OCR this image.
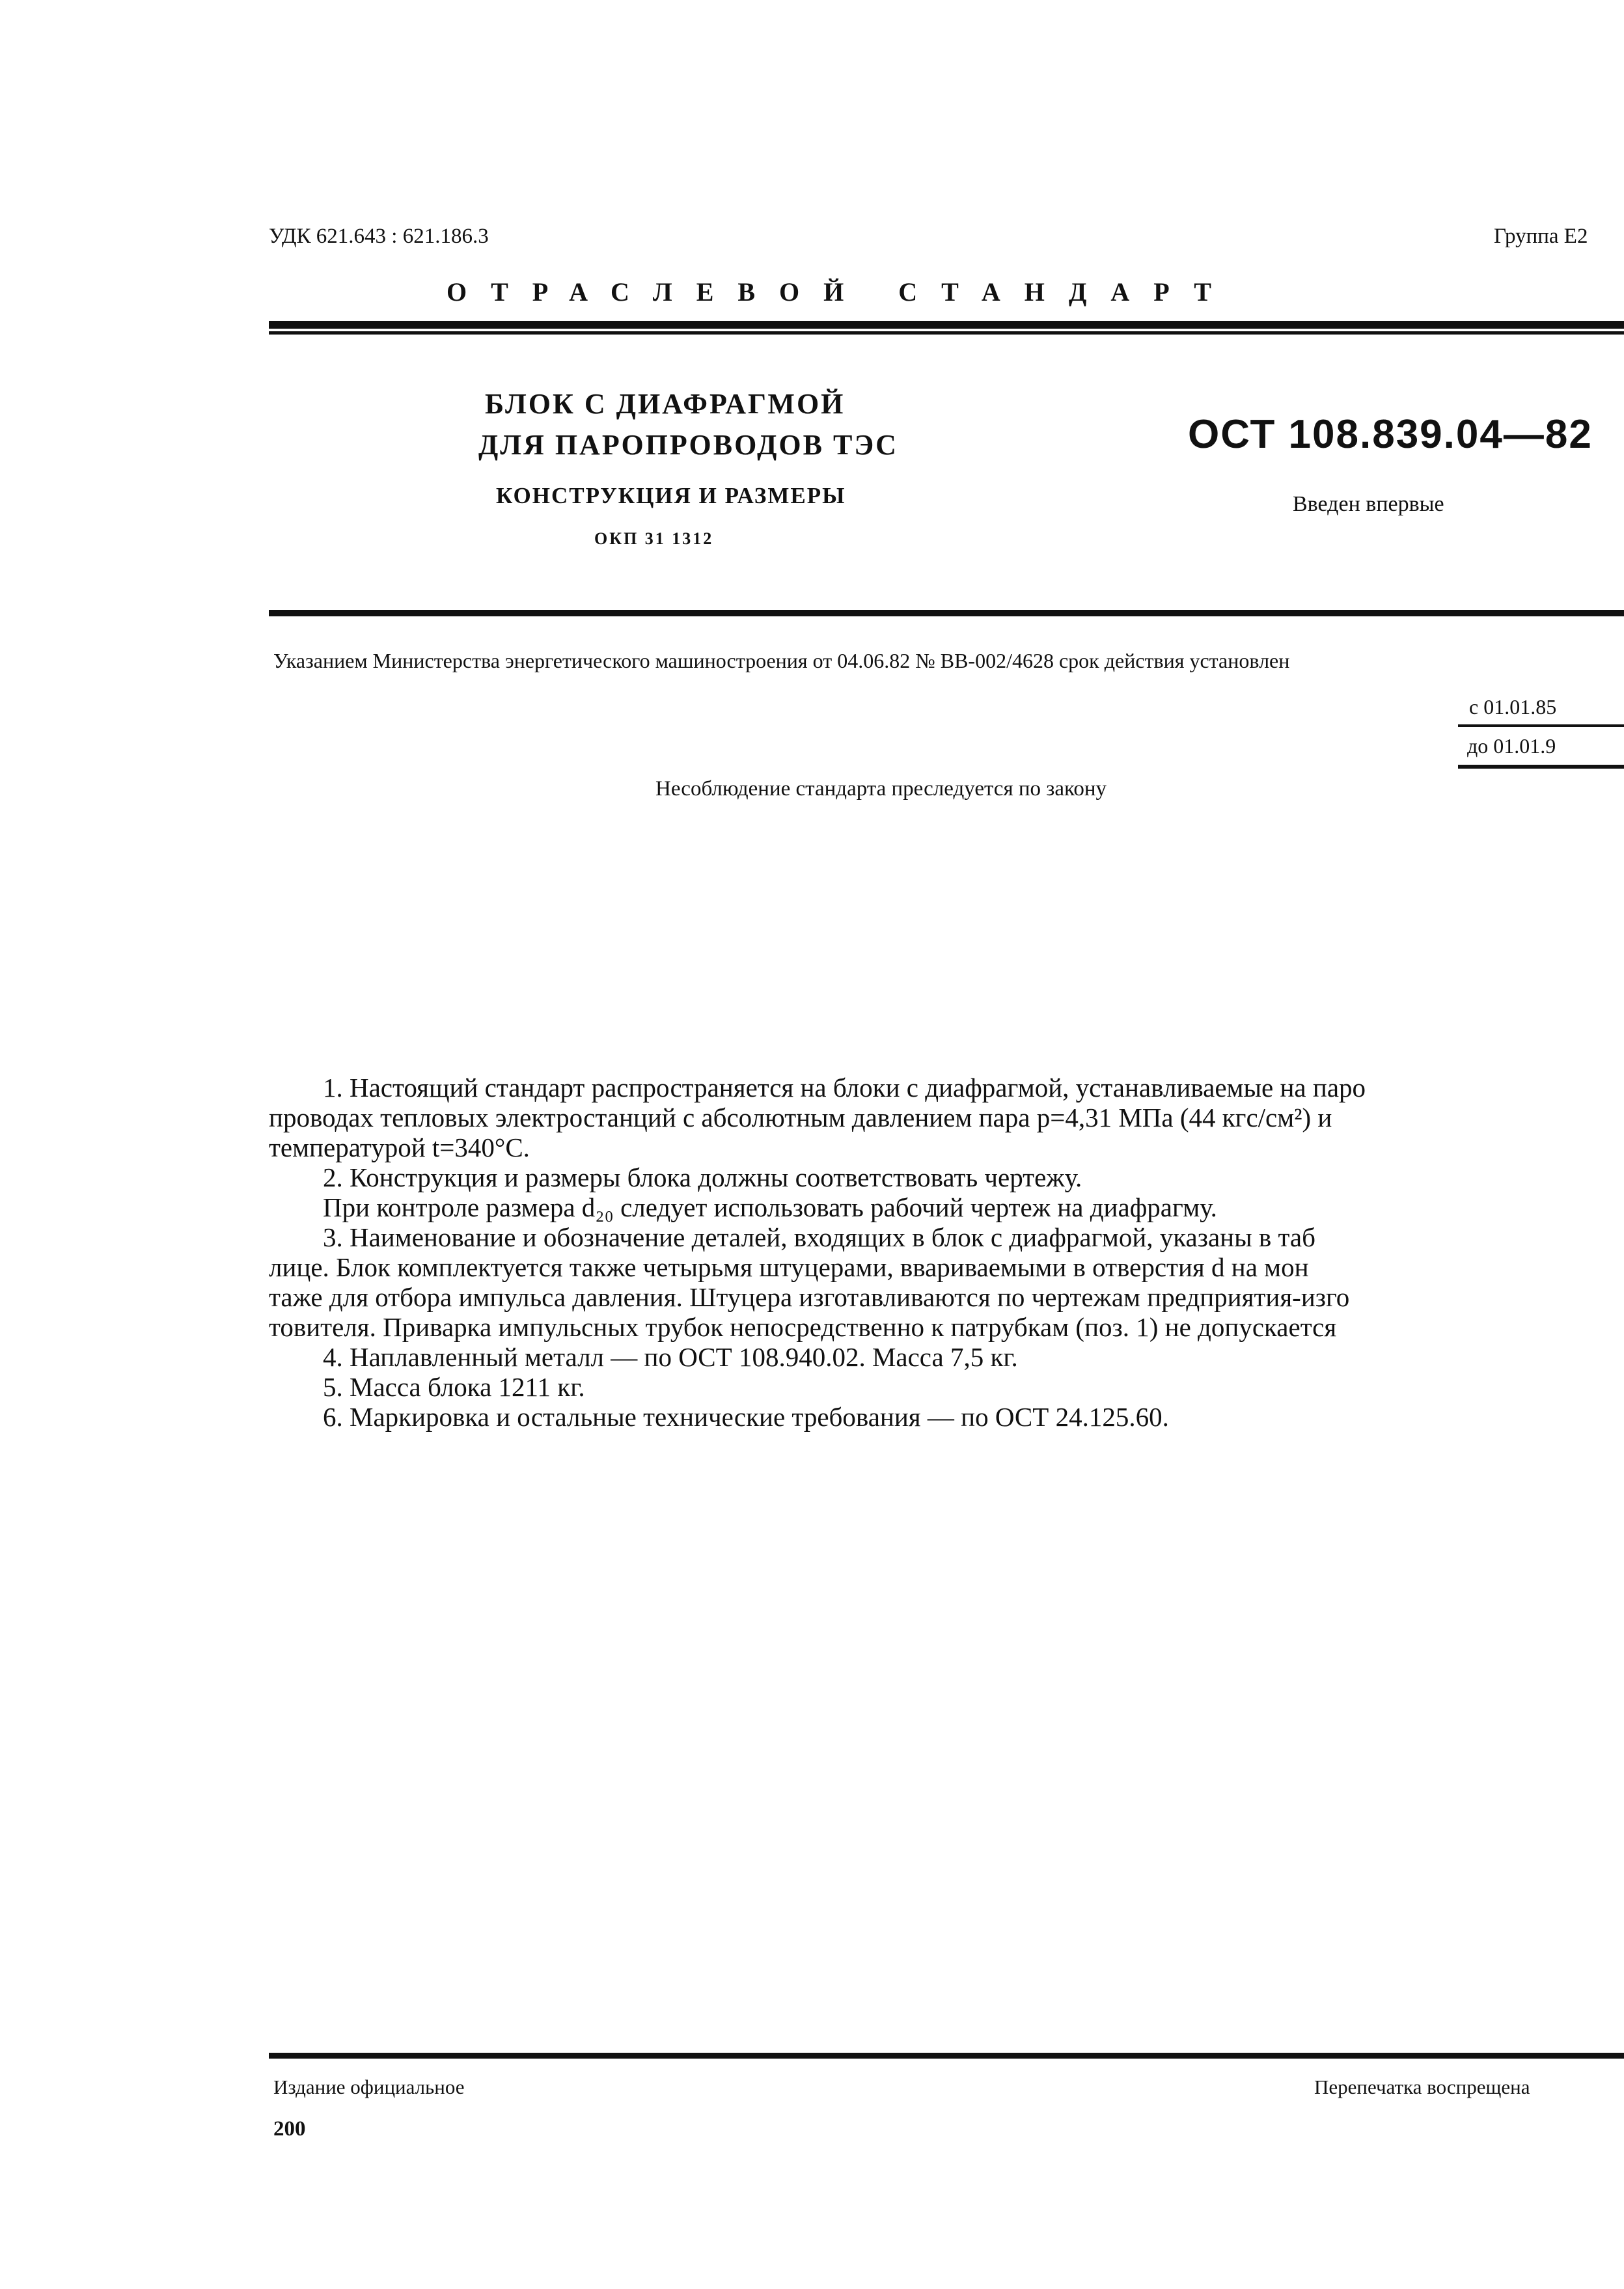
УДК 621.643 : 621.186.3	Группа Е2
ОТРАСЛЕВОЙ СТАНДАРТ
БЛОК С ДИАФРАГМОЙ
ДЛЯ ПАРОПРОВОДОВ ТЭС
КОНСТРУКЦИЯ И РАЗМЕРЫ
ОКП 31 1312
ОСТ 108.839.04—82
Введен впервые
Указанием Министерства энергетического машиностроения от 04.06.82 № ВВ-002/4628 срок действия установлен
с 01.01.85
до 01.01.9
Несоблюдение стандарта преследуется по закону
1. Настоящий стандарт распространяется на блоки с диафрагмой, устанавливаемые на паро
проводах тепловых электростанций с абсолютным давлением пара p=4,31 МПа (44 кгс/см²) и
температурой t=340°С.
2. Конструкция и размеры блока должны соответствовать чертежу.
При контроле размера d₂₀ следует использовать рабочий чертеж на диафрагму.
3. Наименование и обозначение деталей, входящих в блок с диафрагмой, указаны в таб
лице. Блок комплектуется также четырьмя штуцерами, вваpиваемыми в отверстия d на мон
таже для отбора импульса давления. Штуцера изготавливаются по чертежам предприятия-изго
товителя. Приварка импульсных трубок непосредственно к патрубкам (поз. 1) не допускается
4. Наплавленный металл — по ОСТ 108.940.02. Масса 7,5 кг.
5. Масса блока 1211 кг.
6. Маркировка и остальные технические требования — по ОСТ 24.125.60.
Издание официальное	Перепечатка воспрещена
200
